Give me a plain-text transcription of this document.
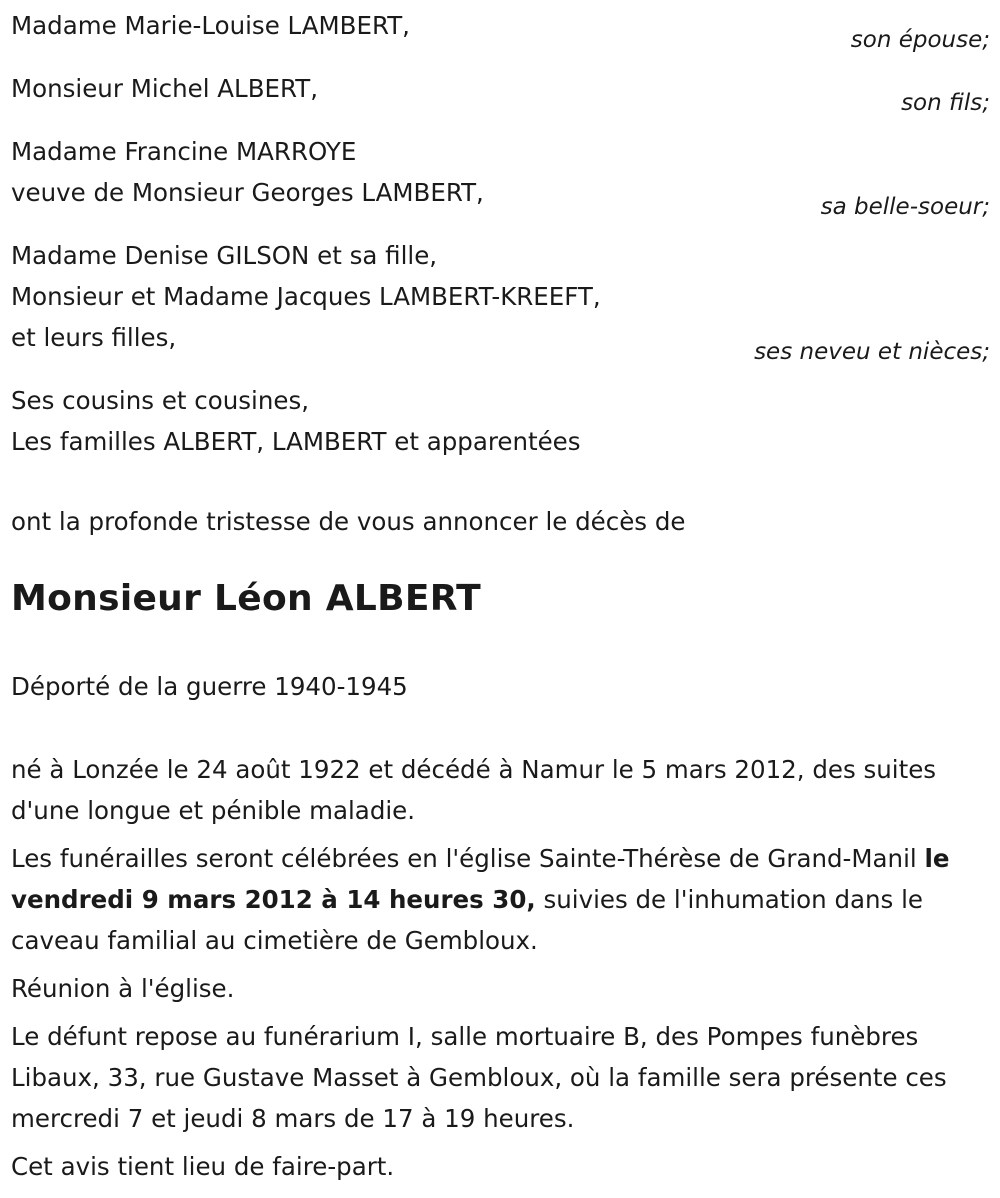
Madame Marie-Louise LAMBERT,	son épouse;
Monsieur Michel ALBERT,	son fils;
Madame Francine MARROYE
veuve de Monsieur Georges LAMBERT,	sa belle-soeur;
Madame Denise GILSON et sa fille,
Monsieur et Madame Jacques LAMBERT-KREEFT,
et leurs filles,	ses neveu et nièces;
Ses cousins et cousines,
Les familles ALBERT, LAMBERT et apparentées
ont la profonde tristesse de vous annoncer le décès de
Monsieur Léon ALBERT
Déporté de la guerre 1940-1945

né à Lonzée le 24 août 1922 et décédé à Namur le 5 mars 2012, des suites d'une longue et pénible maladie.

Les funérailles seront célébrées en l'église Sainte-Thérèse de Grand-Manil le vendredi 9 mars 2012 à 14 heures 30, suivies de l'inhumation dans le caveau familial au cimetière de Gembloux.

Réunion à l'église.

Le défunt repose au funérarium I, salle mortuaire B, des Pompes funèbres Libaux, 33, rue Gustave Masset à Gembloux, où la famille sera présente ces mercredi 7 et jeudi 8 mars de 17 à 19 heures.

Cet avis tient lieu de faire-part.
